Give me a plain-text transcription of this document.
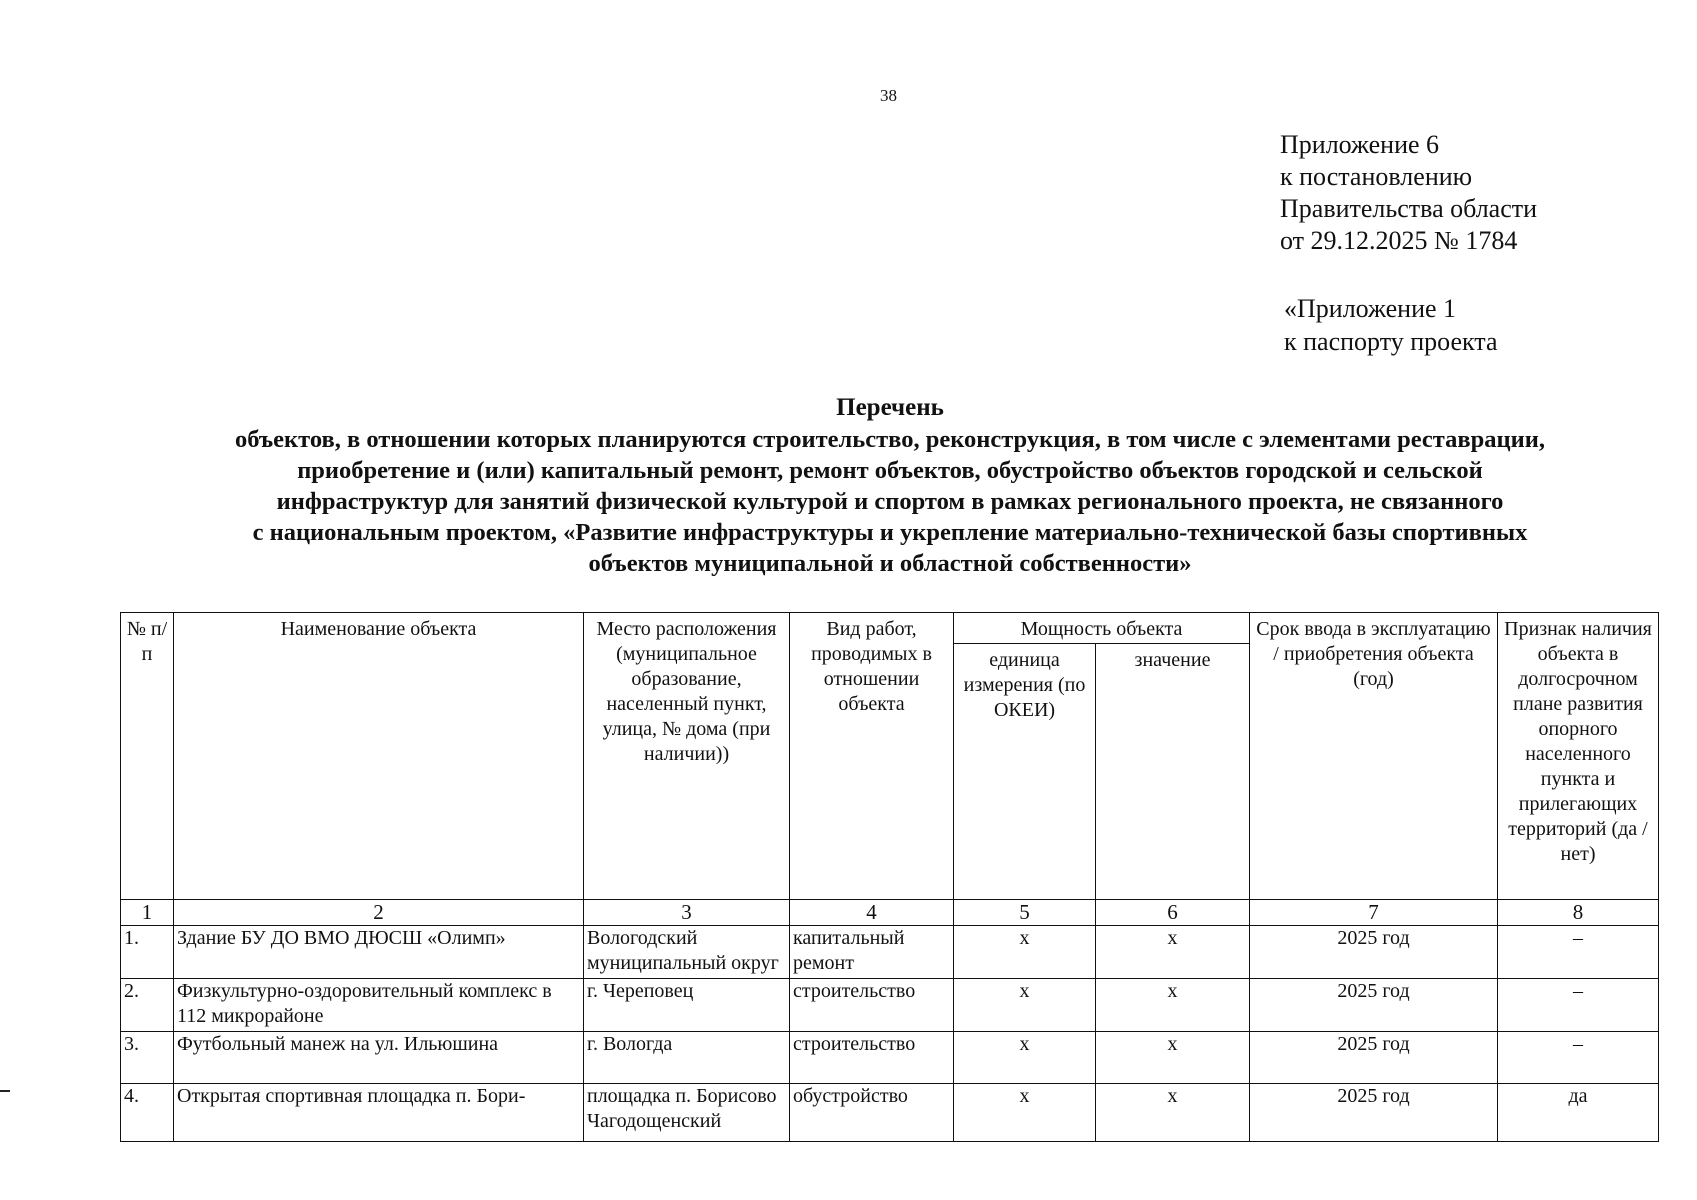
38
Приложение 6
к постановлению
Правительства области
от 29.12.2025 № 1784
«Приложение 1
к паспорту проекта
Перечень
объектов, в отношении которых планируются строительство, реконструкция, в том числе с элементами реставрации,
приобретение и (или) капитальный ремонт, ремонт объектов, обустройство объектов городской и сельской
инфраструктур для занятий физической культурой и спортом в рамках регионального проекта, не связанного
с национальным проектом, «Развитие инфраструктуры и укрепление материально-технической базы спортивных
объектов муниципальной и областной собственности»
№ п/п	Наименование объекта	Место расположения (муниципальное образование, населенный пункт, улица, № дома (при наличии))	Вид работ, проводимых в отношении объекта	Мощность объекта		Срок ввода в эксплуатацию / приобретения объекта (год)	Признак наличия объекта в долгосрочном плане развития опорного населенного пункта и прилегающих территорий (да / нет)
				единица измерения (по ОКЕИ)	значение		
1	2	3	4	5	6	7	8
1.	Здание БУ ДО ВМО ДЮСШ «Олимп»	Вологодский муниципальный округ	капитальный ремонт	х	х	2025 год	–
2.	Физкультурно-оздоровительный комплекс в 112 микрорайоне	г. Череповец	строительство	х	х	2025 год	–
3.	Футбольный манеж на ул. Ильюшина	г. Вологда	строительство	х	х	2025 год	–
4.	Открытая спортивная площадка п. Бори-	площадка п. Борисово Чагодощенский	обустройство	х	х	2025 год	да
